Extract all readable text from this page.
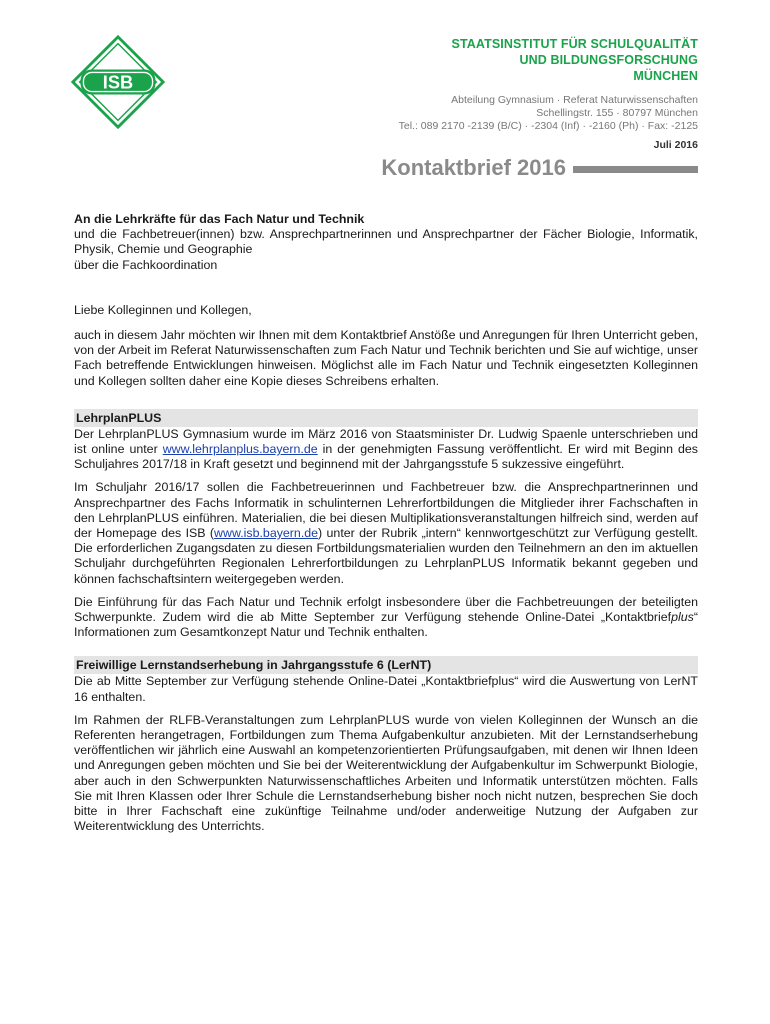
ISB
STAATSINSTITUT FÜR SCHULQUALITÄT
UND BILDUNGSFORSCHUNG
MÜNCHEN
Abteilung Gymnasium · Referat Naturwissenschaften
Schellingstr. 155 · 80797 München
Tel.: 089 2170 -2139 (B/C) · -2304 (Inf) · -2160 (Ph) · Fax: -2125
Juli 2016
Kontaktbrief 2016

An die Lehrkräfte für das Fach Natur und Technik

und die Fachbetreuer(innen) bzw. Ansprechpartnerinnen und Ansprechpartner der Fächer Biologie, Informatik, Physik, Chemie und Geographie

über die Fachkoordination

Liebe Kolleginnen und Kollegen,

auch in diesem Jahr möchten wir Ihnen mit dem Kontaktbrief Anstöße und Anregungen für Ihren Unterricht geben, von der Arbeit im Referat Naturwissenschaften zum Fach Natur und Technik berichten und Sie auf wichtige, unser Fach betreffende Entwicklungen hinweisen. Möglichst alle im Fach Natur und Technik eingesetzten Kolleginnen und Kollegen sollten daher eine Kopie dieses Schreibens erhalten.

LehrplanPLUS

Der LehrplanPLUS Gymnasium wurde im März 2016 von Staatsminister Dr. Ludwig Spaenle unterschrieben und ist online unter www.lehrplanplus.bayern.de in der genehmigten Fassung veröffentlicht. Er wird mit Beginn des Schuljahres 2017/18 in Kraft gesetzt und beginnend mit der Jahrgangsstufe 5 sukzessive eingeführt.

Im Schuljahr 2016/17 sollen die Fachbetreuerinnen und Fachbetreuer bzw. die Ansprechpartnerinnen und Ansprechpartner des Fachs Informatik in schulinternen Lehrerfortbildungen die Mitglieder ihrer Fachschaften in den LehrplanPLUS einführen. Materialien, die bei diesen Multiplikationsveranstaltungen hilfreich sind, werden auf der Homepage des ISB (www.isb.bayern.de) unter der Rubrik „intern“ kennwortgeschützt zur Verfügung gestellt. Die erforderlichen Zugangsdaten zu diesen Fortbildungsmaterialien wurden den Teilnehmern an den im aktuellen Schuljahr durchgeführten Regionalen Lehrerfortbildungen zu LehrplanPLUS Informatik bekannt gegeben und können fachschaftsintern weitergegeben werden.

Die Einführung für das Fach Natur und Technik erfolgt insbesondere über die Fachbetreuungen der beteiligten Schwerpunkte. Zudem wird die ab Mitte September zur Verfügung stehende Online-Datei „Kontaktbriefplus“ Informationen zum Gesamtkonzept Natur und Technik enthalten.

Freiwillige Lernstandserhebung in Jahrgangsstufe 6 (LerNT)

Die ab Mitte September zur Verfügung stehende Online-Datei „Kontaktbriefplus“ wird die Auswertung von LerNT 16 enthalten.

Im Rahmen der RLFB-Veranstaltungen zum LehrplanPLUS wurde von vielen Kolleginnen der Wunsch an die Referenten herangetragen, Fortbildungen zum Thema Aufgabenkultur anzubieten. Mit der Lernstandserhebung veröffentlichen wir jährlich eine Auswahl an kompetenzorientierten Prüfungsaufgaben, mit denen wir Ihnen Ideen und Anregungen geben möchten und Sie bei der Weiterentwicklung der Aufgabenkultur im Schwerpunkt Biologie, aber auch in den Schwerpunkten Naturwissenschaftliches Arbeiten und Informatik unterstützen möchten. Falls Sie mit Ihren Klassen oder Ihrer Schule die Lernstandserhebung bisher noch nicht nutzen, besprechen Sie doch bitte in Ihrer Fachschaft eine zukünftige Teilnahme und/oder anderweitige Nutzung der Aufgaben zur Weiterentwicklung des Unterrichts.
